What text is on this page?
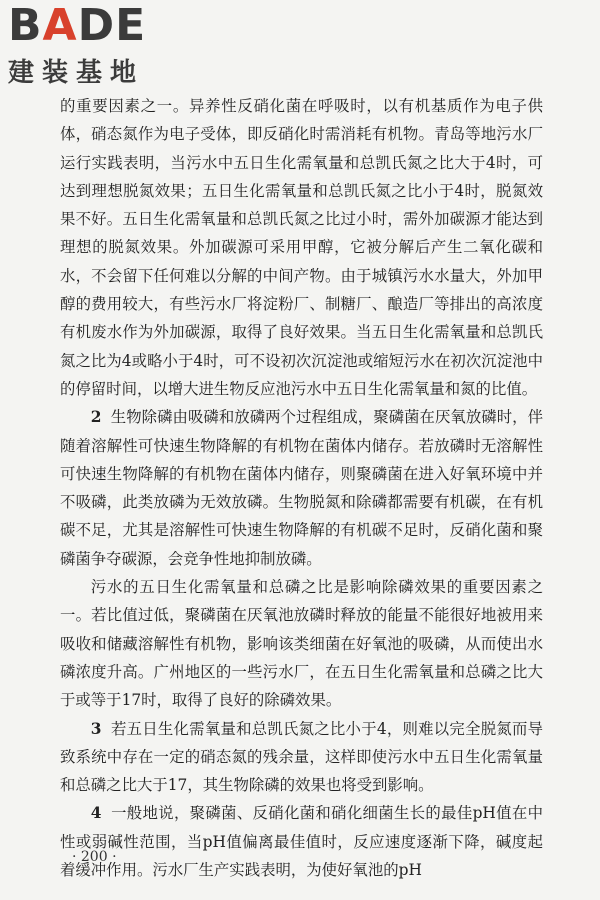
BADE
建装基地

的重要因素之一。异养性反硝化菌在呼吸时，以有机基质作为电子供体，硝态氮作为电子受体，即反硝化时需消耗有机物。青岛等地污水厂运行实践表明，当污水中五日生化需氧量和总凯氏氮之比大于4时，可达到理想脱氮效果；五日生化需氧量和总凯氏氮之比小于4时，脱氮效果不好。五日生化需氧量和总凯氏氮之比过小时，需外加碳源才能达到理想的脱氮效果。外加碳源可采用甲醇，它被分解后产生二氧化碳和水，不会留下任何难以分解的中间产物。由于城镇污水水量大，外加甲醇的费用较大，有些污水厂将淀粉厂、制糖厂、酿造厂等排出的高浓度有机废水作为外加碳源，取得了良好效果。当五日生化需氧量和总凯氏氮之比为4或略小于4时，可不设初次沉淀池或缩短污水在初次沉淀池中的停留时间，以增大进生物反应池污水中五日生化需氧量和氮的比值。

2 生物除磷由吸磷和放磷两个过程组成，聚磷菌在厌氧放磷时，伴随着溶解性可快速生物降解的有机物在菌体内储存。若放磷时无溶解性可快速生物降解的有机物在菌体内储存，则聚磷菌在进入好氧环境中并不吸磷，此类放磷为无效放磷。生物脱氮和除磷都需要有机碳，在有机碳不足，尤其是溶解性可快速生物降解的有机碳不足时，反硝化菌和聚磷菌争夺碳源，会竞争性地抑制放磷。

污水的五日生化需氧量和总磷之比是影响除磷效果的重要因素之一。若比值过低，聚磷菌在厌氧池放磷时释放的能量不能很好地被用来吸收和储藏溶解性有机物，影响该类细菌在好氧池的吸磷，从而使出水磷浓度升高。广州地区的一些污水厂，在五日生化需氧量和总磷之比大于或等于17时，取得了良好的除磷效果。

3 若五日生化需氧量和总凯氏氮之比小于4，则难以完全脱氮而导致系统中存在一定的硝态氮的残余量，这样即使污水中五日生化需氧量和总磷之比大于17，其生物除磷的效果也将受到影响。

4 一般地说，聚磷菌、反硝化菌和硝化细菌生长的最佳pH值在中性或弱碱性范围，当pH值偏离最佳值时，反应速度逐渐下降，碱度起着缓冲作用。污水厂生产实践表明，为使好氧池的pH

· 200 ·
